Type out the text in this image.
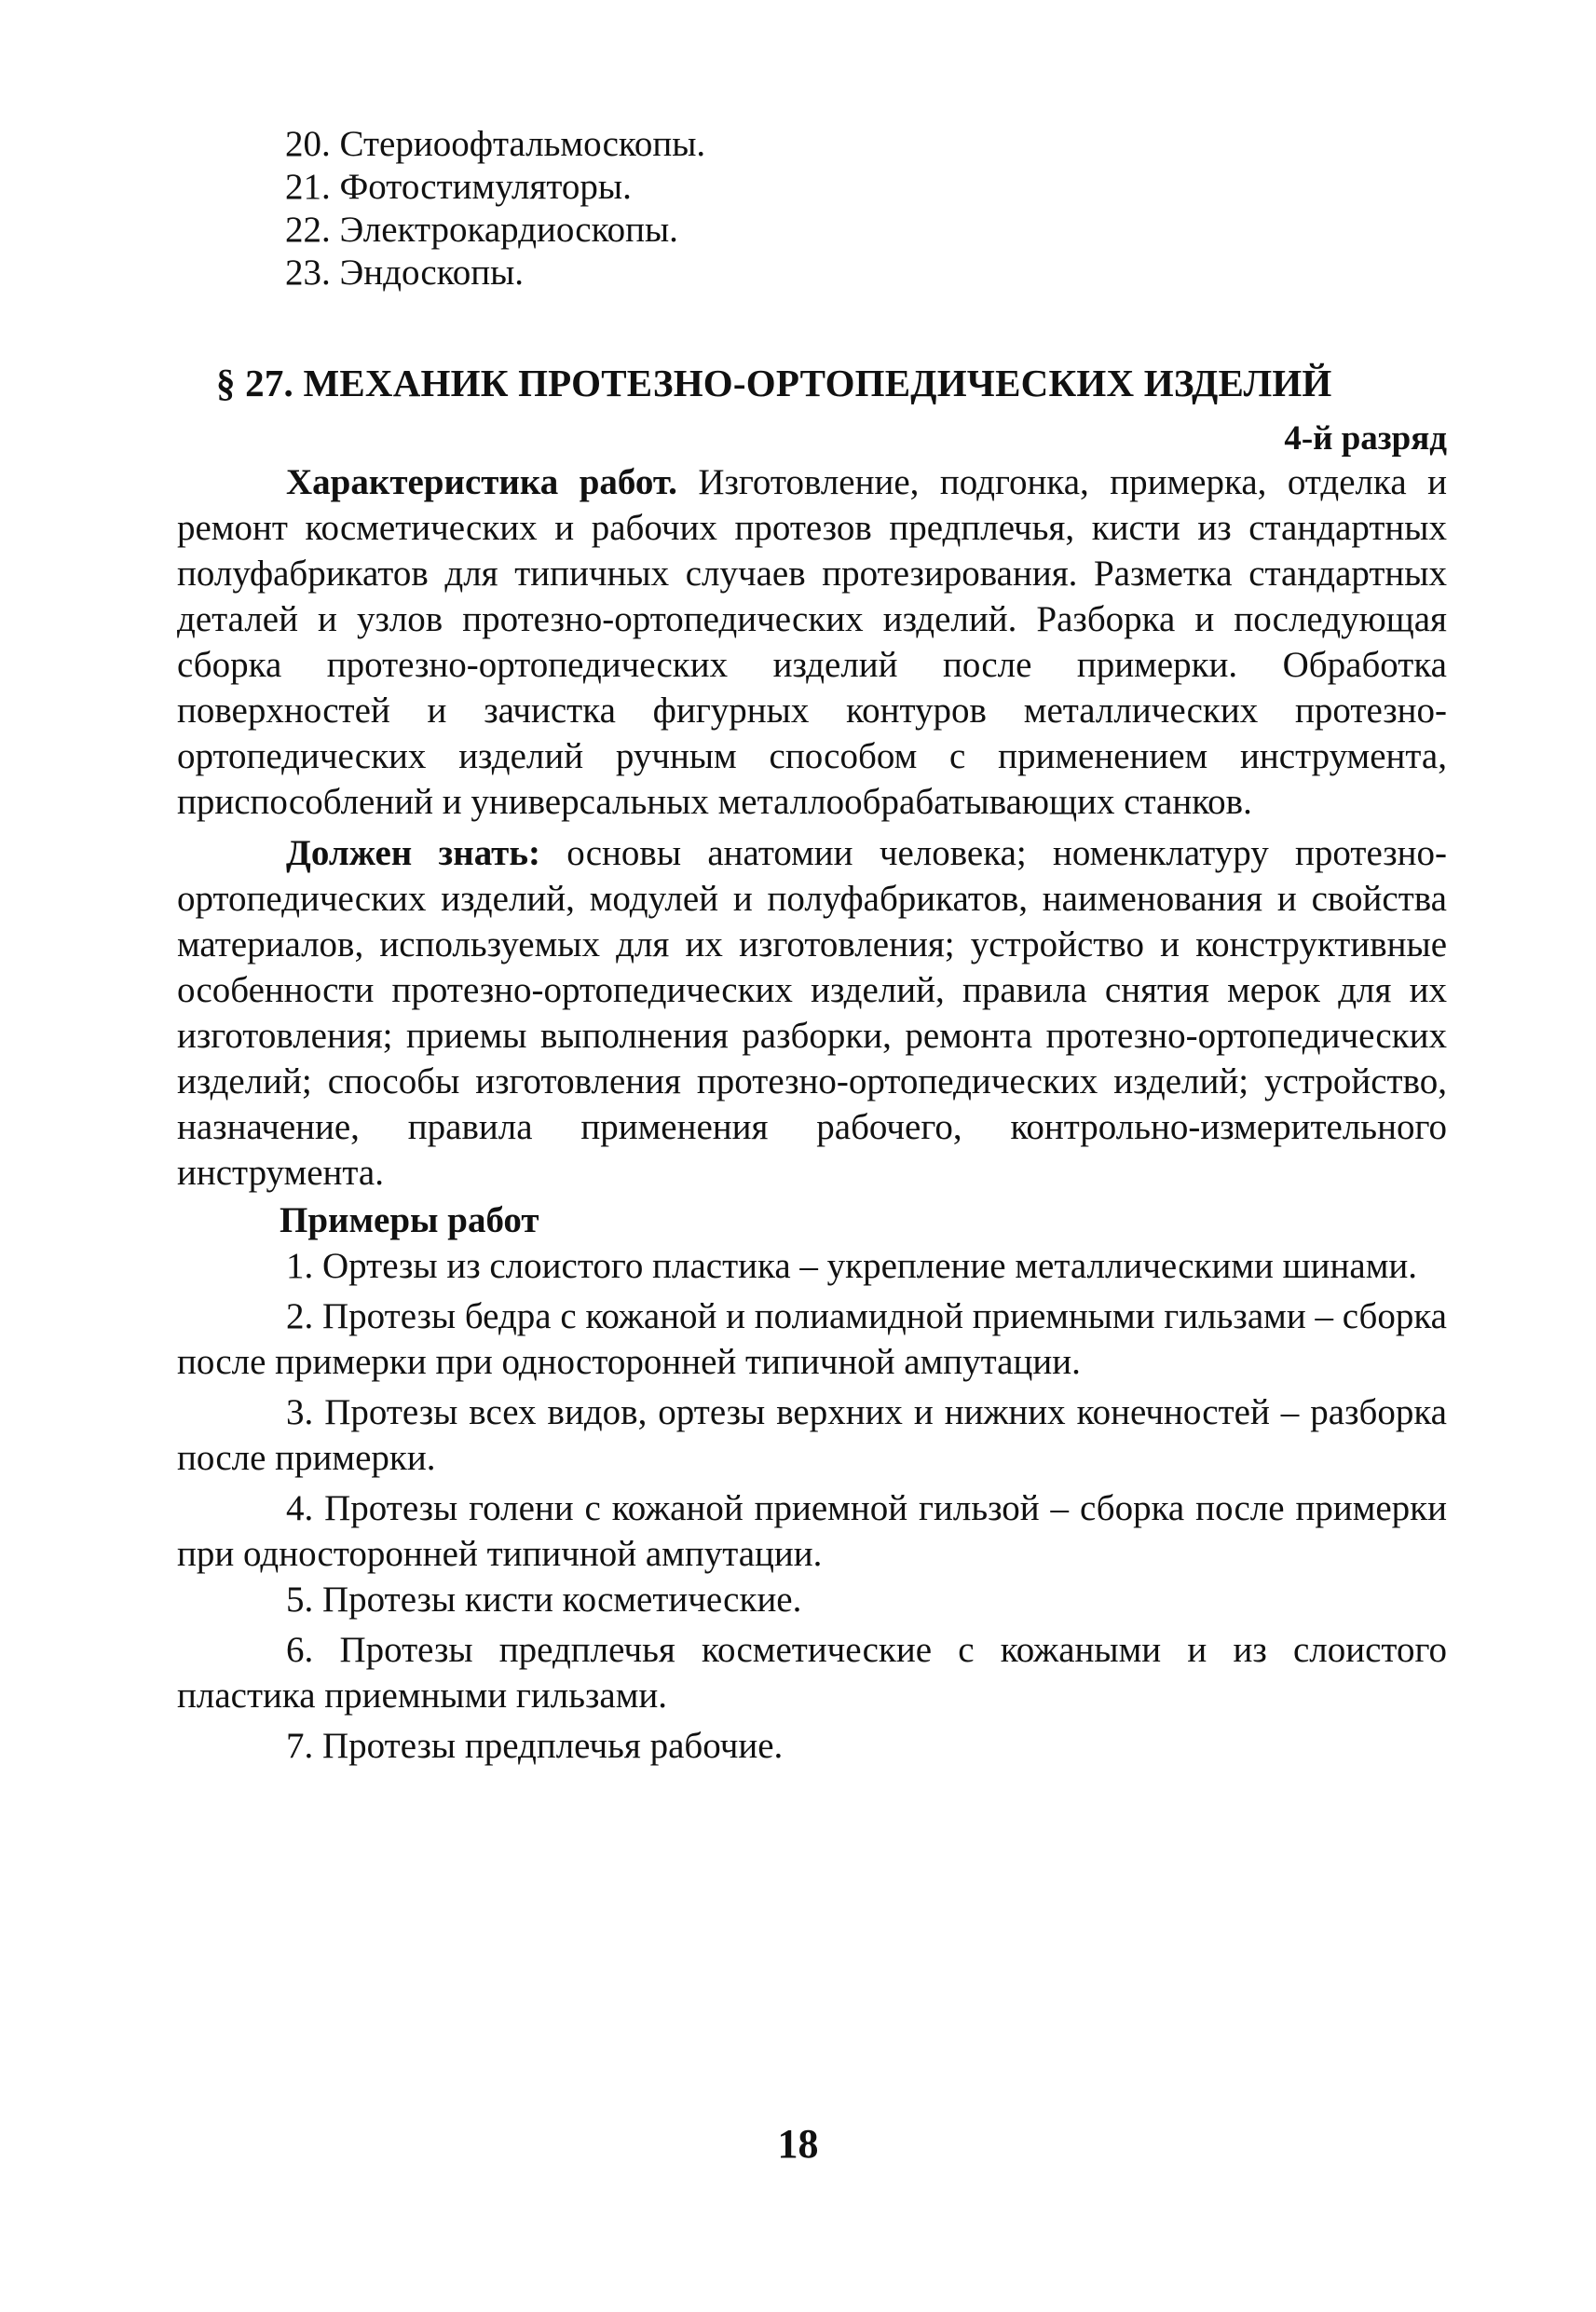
20. Стериоофтальмоскопы.

21. Фотостимуляторы.

22. Электрокардиоскопы.

23. Эндоскопы.

§ 27. МЕХАНИК ПРОТЕЗНО-ОРТОПЕДИЧЕСКИХ ИЗДЕЛИЙ
4-й разряд

Характеристика работ. Изготовление, подгонка, примерка, отделка и ремонт косметических и рабочих протезов предплечья, кисти из стандартных полуфабрикатов для типичных случаев протезирования. Разметка стандартных деталей и узлов протезно-ортопедических изделий. Разборка и последующая сборка протезно-ортопедических изделий после примерки. Обработка поверхностей и зачистка фигурных контуров металлических протезно-ортопедических изделий ручным способом с применением инструмента, приспособлений и универсальных металлообрабатывающих станков.

Должен знать: основы анатомии человека; номенклатуру протезно-ортопедических изделий, модулей и полуфабрикатов, наименования и свойства материалов, используемых для их изготовления; устройство и конструктивные особенности протезно-ортопедических изделий, правила снятия мерок для их изготовления; приемы выполнения разборки, ремонта протезно-ортопедических изделий; способы изготовления протезно-ортопедических изделий; устройство, назначение, правила применения рабочего, контрольно-измерительного инструмента.

Примеры работ

1. Ортезы из слоистого пластика – укрепление металлическими шинами.

2. Протезы бедра с кожаной и полиамидной приемными гильзами – сборка после примерки при односторонней типичной ампутации.

3. Протезы всех видов, ортезы верхних и нижних конечностей – разборка после примерки.

4. Протезы голени с кожаной приемной гильзой – сборка после примерки при односторонней типичной ампутации.

5. Протезы кисти косметические.

6. Протезы предплечья косметические с кожаными и из слоистого пластика приемными гильзами.

7. Протезы предплечья рабочие.

18
